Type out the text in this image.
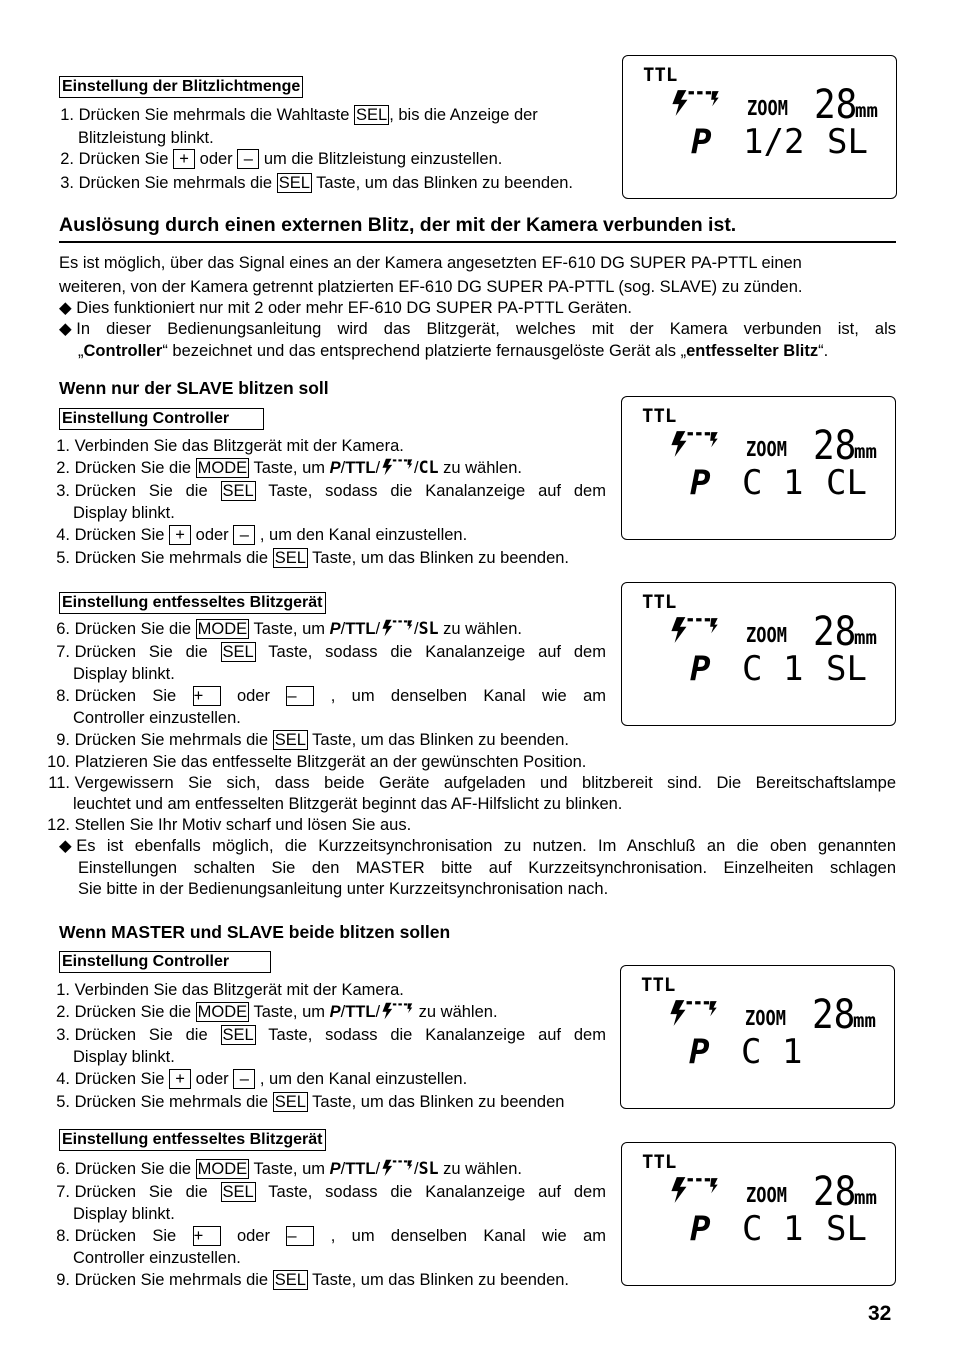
Einstellung der Blitzlichtmenge
1. Drücken Sie mehrmals die Wahltaste SEL , bis die Anzeige der
Blitzleistung blinkt.
2. Drücken Sie + oder – um die Blitzleistung einzustellen.
3. Drücken Sie mehrmals die SEL Taste, um das Blinken zu beenden.
Auslösung durch einen externen Blitz, der mit der Kamera verbunden ist.
Es ist möglich, über das Signal eines an der Kamera angesetzten EF-610 DG SUPER PA-PTTL einen
weiteren, von der Kamera getrennt platzierten EF-610 DG SUPER PA-PTTL (sog. SLAVE) zu zünden.
◆ Dies funktioniert nur mit 2 oder mehr EF-610 DG SUPER PA-PTTL Geräten.
◆
In dieser Bedienungsanleitung wird das Blitzgerät, welches mit der Kamera verbunden ist, als
„Controller“ bezeichnet und das entsprechend platzierte fernausgelöste Gerät als „entfesselter Blitz“.
Wenn nur der SLAVE blitzen soll
Einstellung Controller
1. Verbinden Sie das Blitzgerät mit der Kamera.
2. Drücken Sie die MODE Taste, um P/TTL/ /CL zu wählen.
3.
Drücken Sie die SEL Taste, sodass die Kanalanzeige auf dem
Display blinkt.
4. Drücken Sie + oder – , um den Kanal einzustellen.
5. Drücken Sie mehrmals die SEL Taste, um das Blinken zu beenden.
Einstellung entfesseltes Blitzgerät
6. Drücken Sie die MODE Taste, um P/TTL/ /SL zu wählen.
7.
Drücken Sie die SEL Taste, sodass die Kanalanzeige auf dem
Display blinkt.
8.
Drücken Sie + oder – , um denselben Kanal wie am
Controller einzustellen.
9. Drücken Sie mehrmals die SEL Taste, um das Blinken zu beenden.
10. Platzieren Sie das entfesselte Blitzgerät an der gewünschten Position.
11.
Vergewissern Sie sich, dass beide Geräte aufgeladen und blitzbereit sind. Die Bereitschaftslampe
leuchtet und am entfesselten Blitzgerät beginnt das AF-Hilfslicht zu blinken.
12. Stellen Sie Ihr Motiv scharf und lösen Sie aus.
◆
Es ist ebenfalls möglich, die Kurzzeitsynchronisation zu nutzen. Im Anschluß an die oben genannten
Einstellungen schalten Sie den MASTER bitte auf Kurzzeitsynchronisation. Einzelheiten schlagen
Sie bitte in der Bedienungsanleitung unter Kurzzeitsynchronisation nach.
Wenn MASTER und SLAVE beide blitzen sollen
Einstellung Controller
1. Verbinden Sie das Blitzgerät mit der Kamera.
2. Drücken Sie die MODE Taste, um P/TTL/ zu wählen.
3.
Drücken Sie die SEL Taste, sodass die Kanalanzeige auf dem
Display blinkt.
4. Drücken Sie + oder – , um den Kanal einzustellen.
5. Drücken Sie mehrmals die SEL Taste, um das Blinken zu beenden
Einstellung entfesseltes Blitzgerät
6. Drücken Sie die MODE Taste, um P/TTL/ /SL zu wählen.
7.
Drücken Sie die SEL Taste, sodass die Kanalanzeige auf dem
Display blinkt.
8.
Drücken Sie + oder – , um denselben Kanal wie am
Controller einzustellen.
9. Drücken Sie mehrmals die SEL Taste, um das Blinken zu beenden.
TTL
ZOOM 28
mm
P 1/2 SL
TTL
ZOOM 28
mm
P C 1 CL
TTL
ZOOM 28
mm
P C 1 SL
TTL
ZOOM 28
mm
P C 1
TTL
ZOOM 28
mm
P C 1 SL
32
